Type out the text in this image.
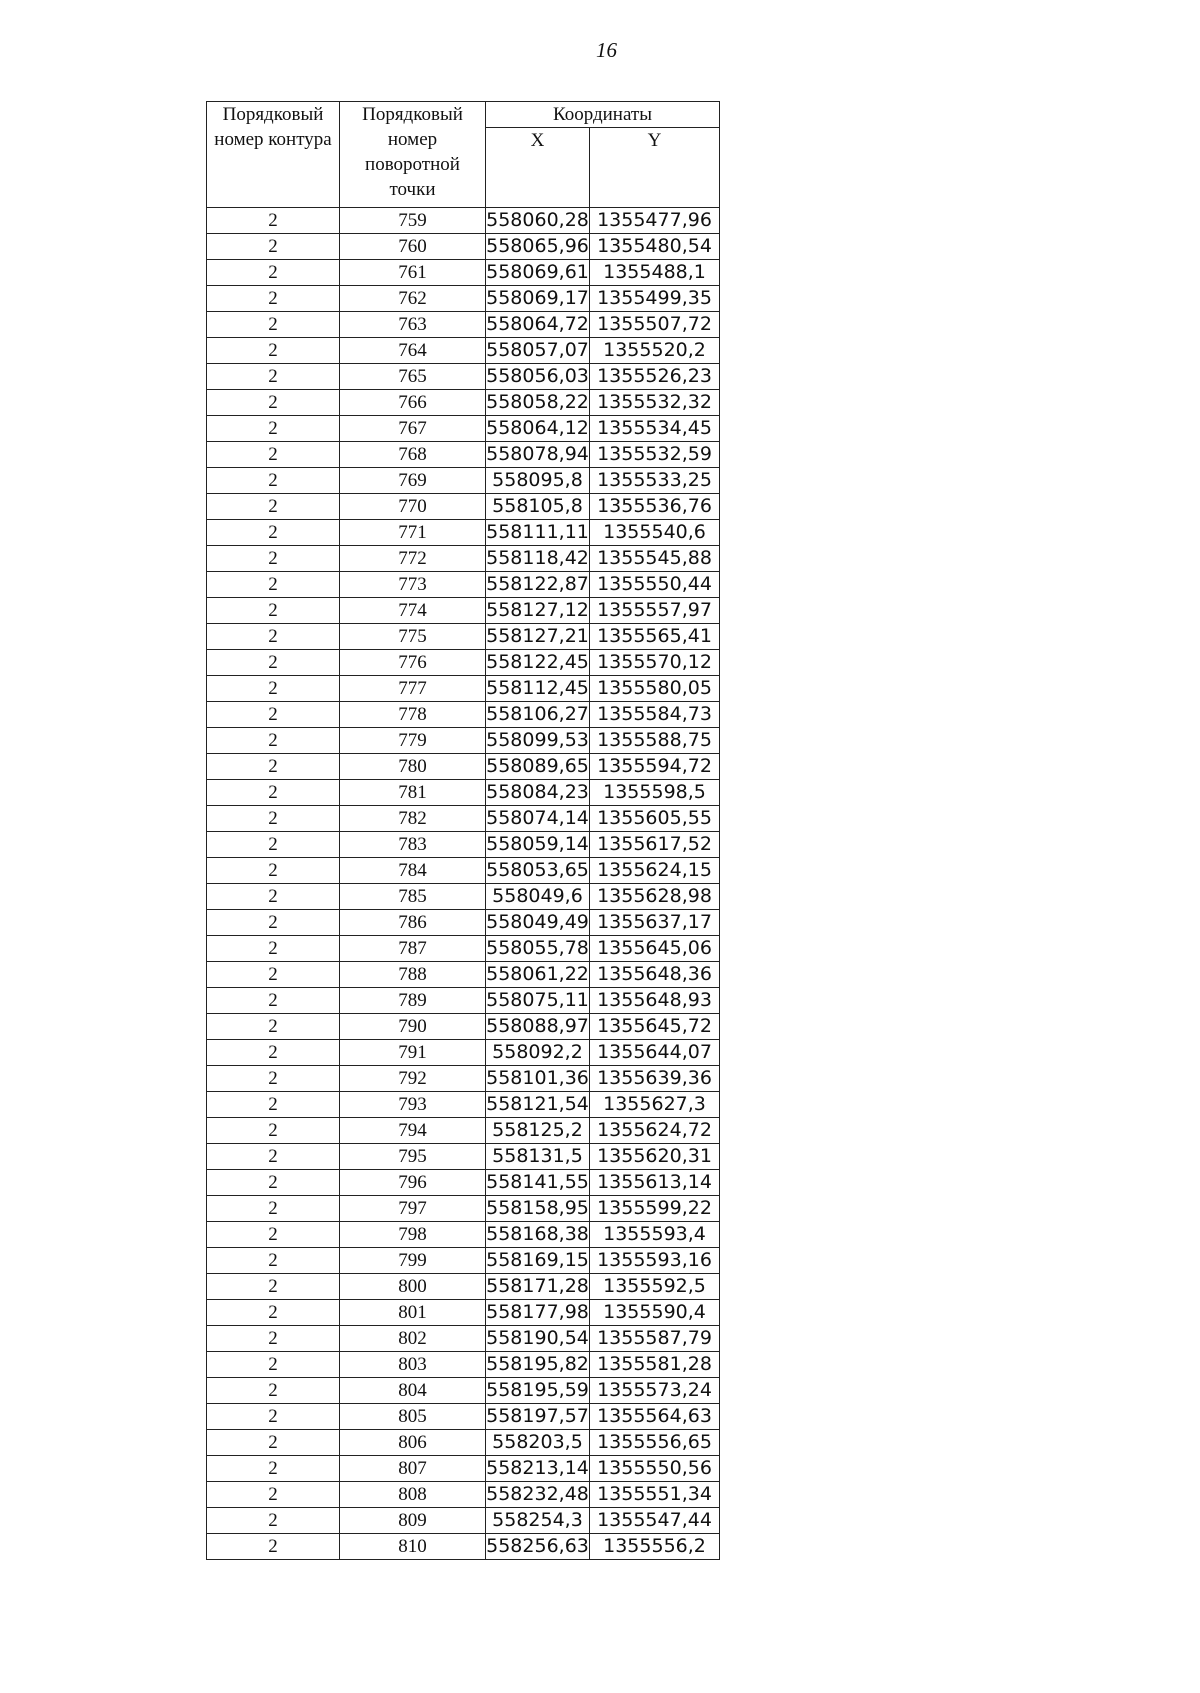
16
Порядковый номер контура	Порядковый номер поворотной точки	Координаты	
		X	Y
2	759	558060,28	1355477,96
2	760	558065,96	1355480,54
2	761	558069,61	1355488,1
2	762	558069,17	1355499,35
2	763	558064,72	1355507,72
2	764	558057,07	1355520,2
2	765	558056,03	1355526,23
2	766	558058,22	1355532,32
2	767	558064,12	1355534,45
2	768	558078,94	1355532,59
2	769	558095,8	1355533,25
2	770	558105,8	1355536,76
2	771	558111,11	1355540,6
2	772	558118,42	1355545,88
2	773	558122,87	1355550,44
2	774	558127,12	1355557,97
2	775	558127,21	1355565,41
2	776	558122,45	1355570,12
2	777	558112,45	1355580,05
2	778	558106,27	1355584,73
2	779	558099,53	1355588,75
2	780	558089,65	1355594,72
2	781	558084,23	1355598,5
2	782	558074,14	1355605,55
2	783	558059,14	1355617,52
2	784	558053,65	1355624,15
2	785	558049,6	1355628,98
2	786	558049,49	1355637,17
2	787	558055,78	1355645,06
2	788	558061,22	1355648,36
2	789	558075,11	1355648,93
2	790	558088,97	1355645,72
2	791	558092,2	1355644,07
2	792	558101,36	1355639,36
2	793	558121,54	1355627,3
2	794	558125,2	1355624,72
2	795	558131,5	1355620,31
2	796	558141,55	1355613,14
2	797	558158,95	1355599,22
2	798	558168,38	1355593,4
2	799	558169,15	1355593,16
2	800	558171,28	1355592,5
2	801	558177,98	1355590,4
2	802	558190,54	1355587,79
2	803	558195,82	1355581,28
2	804	558195,59	1355573,24
2	805	558197,57	1355564,63
2	806	558203,5	1355556,65
2	807	558213,14	1355550,56
2	808	558232,48	1355551,34
2	809	558254,3	1355547,44
2	810	558256,63	1355556,2
